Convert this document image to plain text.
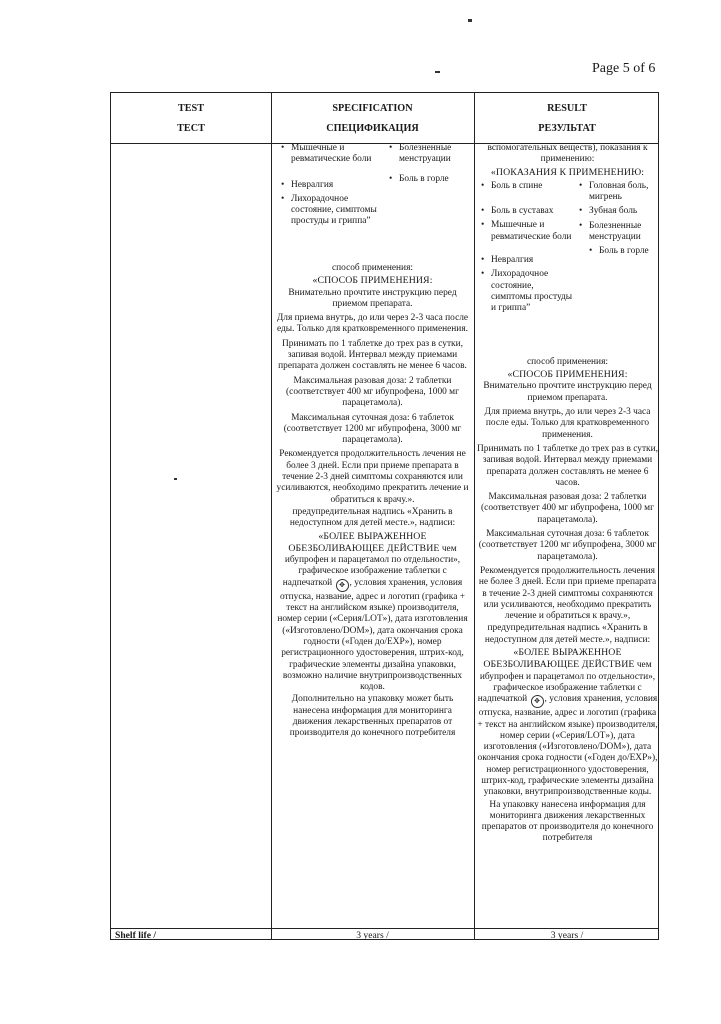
Page 5 of 6
TEST
ТЕСТ
SPECIFICATION
СПЕЦИФИКАЦИЯ
RESULT
РЕЗУЛЬТАТ
• Мышечные и ревматические боли
• Невралгия
• Лихорадочное состояние, симптомы простуды и гриппа”
• Болезненные менструации
• Боль в горле

способ применения:

«СПОСОБ ПРИМЕНЕНИЯ:

Внимательно прочтите инструкцию перед приемом препарата.

Для приема внутрь, до или через 2-3 часа после еды. Только для кратковременного применения.

Принимать по 1 таблетке до трех раз в сутки, запивая водой. Интервал между приемами препарата должен составлять не менее 6 часов.

Максимальная разовая доза: 2 таблетки (соответствует 400 мг ибупрофена, 1000 мг парацетамола).

Максимальная суточная доза: 6 таблеток (соответствует 1200 мг ибупрофена, 3000 мг парацетамола).

Рекомендуется продолжительность лечения не более 3 дней. Если при приеме препарата в течение 2-3 дней симптомы сохраняются или усиливаются, необходимо прекратить лечение и обратиться к врачу.».

предупредительная надпись «Хранить в недоступном для детей месте.», надписи:

«БОЛЕЕ ВЫРАЖЕННОЕ ОБЕЗБОЛИВАЮЩЕЕ ДЕЙСТВИЕ чем ибупрофен и парацетамол по отдельности», графическое изображение таблетки с надпечаткой ✥ , условия хранения, условия отпуска, название, адрес и логотип (графика + текст на английском языке) производителя, номер серии («Серия/LOT»), дата изготовления («Изготовлено/DOM»), дата окончания срока годности («Годен до/EXP»), номер регистрационного удостоверения, штрих-код, графические элементы дизайна упаковки, возможно наличие внутрипроизводственных кодов.

Дополнительно на упаковку может быть нанесена информация для мониторинга движения лекарственных препаратов от производителя до конечного потребителя

вспомогательных веществ), показания к применению:

«ПОКАЗАНИЯ К ПРИМЕНЕНИЮ:

• Боль в спине
• Боль в суставах
• Мышечные и ревматические боли
• Невралгия
• Лихорадочное состояние, симптомы простуды и гриппа”
• Головная боль, мигрень
• Зубная боль
• Болезненные менструации
• Боль в горле

способ применения:

«СПОСОБ ПРИМЕНЕНИЯ:

Внимательно прочтите инструкцию перед приемом препарата.

Для приема внутрь, до или через 2-3 часа после еды. Только для кратковременного применения.

Принимать по 1 таблетке до трех раз в сутки, запивая водой. Интервал между приемами препарата должен составлять не менее 6 часов.

Максимальная разовая доза: 2 таблетки (соответствует 400 мг ибупрофена, 1000 мг парацетамола).

Максимальная суточная доза: 6 таблеток (соответствует 1200 мг ибупрофена, 3000 мг парацетамола).

Рекомендуется продолжительность лечения не более 3 дней. Если при приеме препарата в течение 2-3 дней симптомы сохраняются или усиливаются, необходимо прекратить лечение и обратиться к врачу.»,

предупредительная надпись «Хранить в недоступном для детей месте.», надписи:

«БОЛЕЕ ВЫРАЖЕННОЕ ОБЕЗБОЛИВАЮЩЕЕ ДЕЙСТВИЕ чем ибупрофен и парацетамол по отдельности», графическое изображение таблетки с надпечаткой ✥ , условия хранения, условия отпуска, название, адрес и логотип (графика + текст на английском языке) производителя, номер серии («Серия/LOT»), дата изготовления («Изготовлено/DOM»), дата окончания срока годности («Годен до/EXP»), номер регистрационного удостоверения, штрих-код, графические элементы дизайна упаковки, внутрипроизводственные коды.

На упаковку нанесена информация для мониторинга движения лекарственных препаратов от производителя до конечного потребителя

Shelf life /	3 years /	3 years /
